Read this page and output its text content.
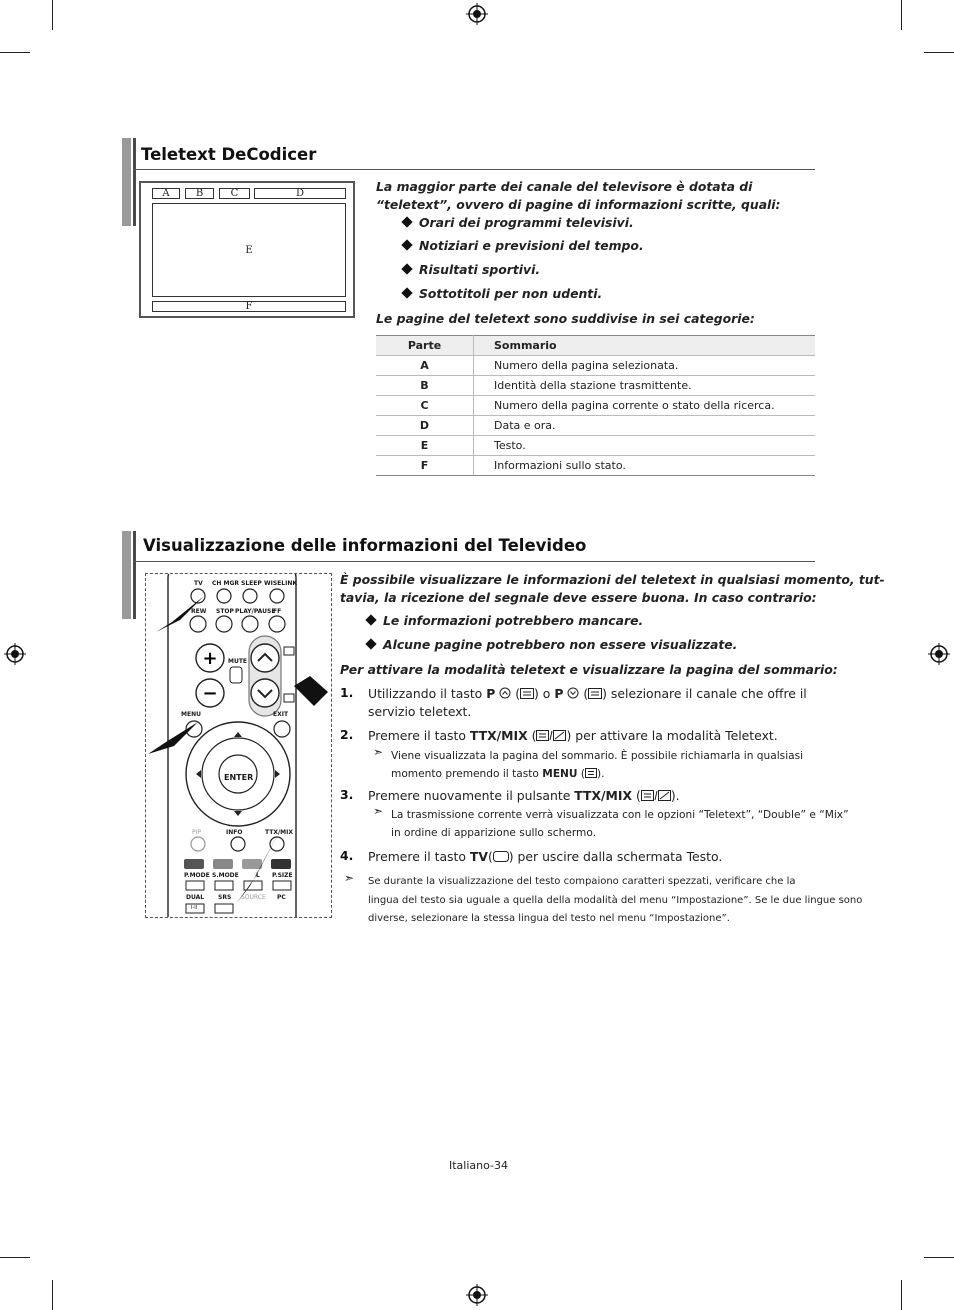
Teletext DeCodicer
A	B	C	D
E
F
La maggior parte dei canale del televisore è dotata di “teletext”, ovvero di pagine di informazioni scritte, quali:
Orari dei programmi televisivi.
Notiziari e previsioni del tempo.
Risultati sportivi.
Sottotitoli per non udenti.
Le pagine del teletext sono suddivise in sei categorie:
Parte	Sommario
A	Numero della pagina selezionata.
B	Identità della stazione trasmittente.
C	Numero della pagina corrente o stato della ricerca.
D	Data e ora.
E	Testo.
F	Informazioni sullo stato.
Visualizzazione delle informazioni del Televideo
+
−
TV CH MGR SLEEP WISELINK
REW STOP PLAY/PAUSE
FF
MUTE
MENU	EXIT
ENTER
PIP	INFO	TTX/MIX
P.MODE S.MODE	L P.SIZE
DUAL
I-II
SRS SOURCE PC
È possibile visualizzare le informazioni del teletext in qualsiasi momento, tut-
tavia, la ricezione del segnale deve essere buona. In caso contrario:
Le informazioni potrebbero mancare.
Alcune pagine potrebbero non essere visualizzate.
Per attivare la modalità teletext e visualizzare la pagina del sommario:
1. Utilizzando il tasto P  ( ) o P  ( ) selezionare il canale che offre il
servizio teletext.
2. Premere il tasto TTX/MIX ( ) per attivare la modalità Teletext.
➣ Viene visualizzata la pagina del sommario. È possibile richiamarla in qualsiasi
momento premendo il tasto MENU ( ).
3. Premere nuovamente il pulsante TTX/MIX ( ).
➣ La trasmissione corrente verrà visualizzata con le opzioni “Teletext”, “Double” e “Mix”
in ordine di apparizione sullo schermo.
4. Premere il tasto TV( ) per uscire dalla schermata Testo.
➣ Se durante la visualizzazione del testo compaiono caratteri spezzati, verificare che la
lingua del testo sia uguale a quella della modalità del menu “Impostazione”. Se le due lingue sono
diverse, selezionare la stessa lingua del testo nel menu “Impostazione”.
Italiano-34
